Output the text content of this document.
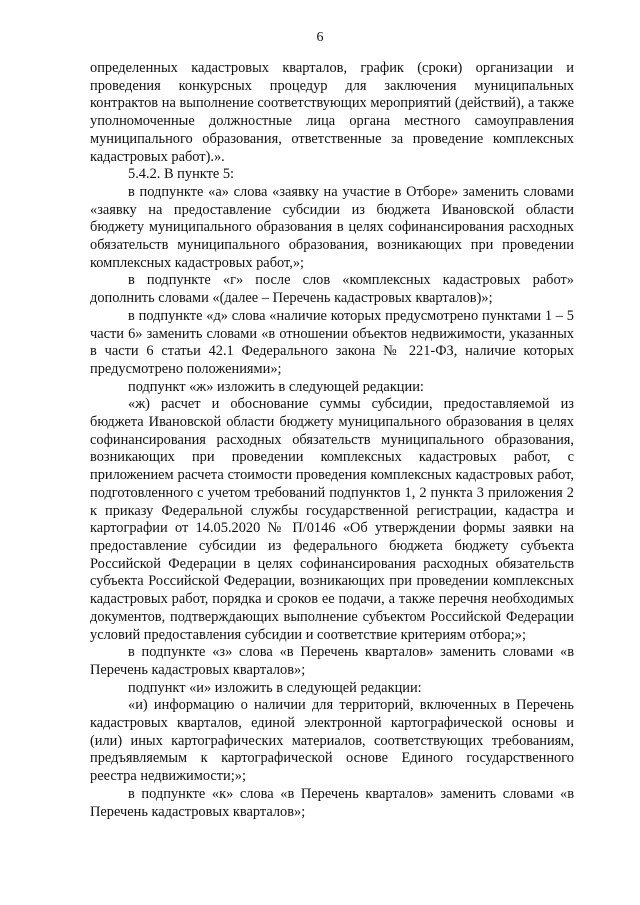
6

определенных кадастровых кварталов, график (сроки) организации и проведения конкурсных процедур для заключения муниципальных контрактов на выполнение соответствующих мероприятий (действий), а также уполномоченные должностные лица органа местного самоуправления муниципального образования, ответственные за проведение комплексных кадастровых работ).».

5.4.2. В пункте 5:

в подпункте «а» слова «заявку на участие в Отборе» заменить словами «заявку на предоставление субсидии из бюджета Ивановской области бюджету муниципального образования в целях софинансирования расходных обязательств муниципального образования, возникающих при проведении комплексных кадастровых работ,»;

в подпункте «г» после слов «комплексных кадастровых работ» дополнить словами «(далее – Перечень кадастровых кварталов)»;

в подпункте «д» слова «наличие которых предусмотрено пунктами 1 – 5 части 6» заменить словами «в отношении объектов недвижимости, указанных в части 6 статьи 42.1 Федерального закона № 221-ФЗ, наличие которых предусмотрено положениями»;

подпункт «ж» изложить в следующей редакции:

«ж) расчет и обоснование суммы субсидии, предоставляемой из бюджета Ивановской области бюджету муниципального образования в целях софинансирования расходных обязательств муниципального образования, возникающих при проведении комплексных кадастровых работ, с приложением расчета стоимости проведения комплексных кадастровых работ, подготовленного с учетом требований подпунктов 1, 2 пункта 3 приложения 2 к приказу Федеральной службы государственной регистрации, кадастра и картографии от 14.05.2020 № П/0146 «Об утверждении формы заявки на предоставление субсидии из федерального бюджета бюджету субъекта Российской Федерации в целях софинансирования расходных обязательств субъекта Российской Федерации, возникающих при проведении комплексных кадастровых работ, порядка и сроков ее подачи, а также перечня необходимых документов, подтверждающих выполнение субъектом Российской Федерации условий предоставления субсидии и соответствие критериям отбора;»;

в подпункте «з» слова «в Перечень кварталов» заменить словами «в Перечень кадастровых кварталов»;

подпункт «и» изложить в следующей редакции:

«и) информацию о наличии для территорий, включенных в Перечень кадастровых кварталов, единой электронной картографической основы и (или) иных картографических материалов, соответствующих требованиям, предъявляемым к картографической основе Единого государственного реестра недвижимости;»;

в подпункте «к» слова «в Перечень кварталов» заменить словами «в Перечень кадастровых кварталов»;
